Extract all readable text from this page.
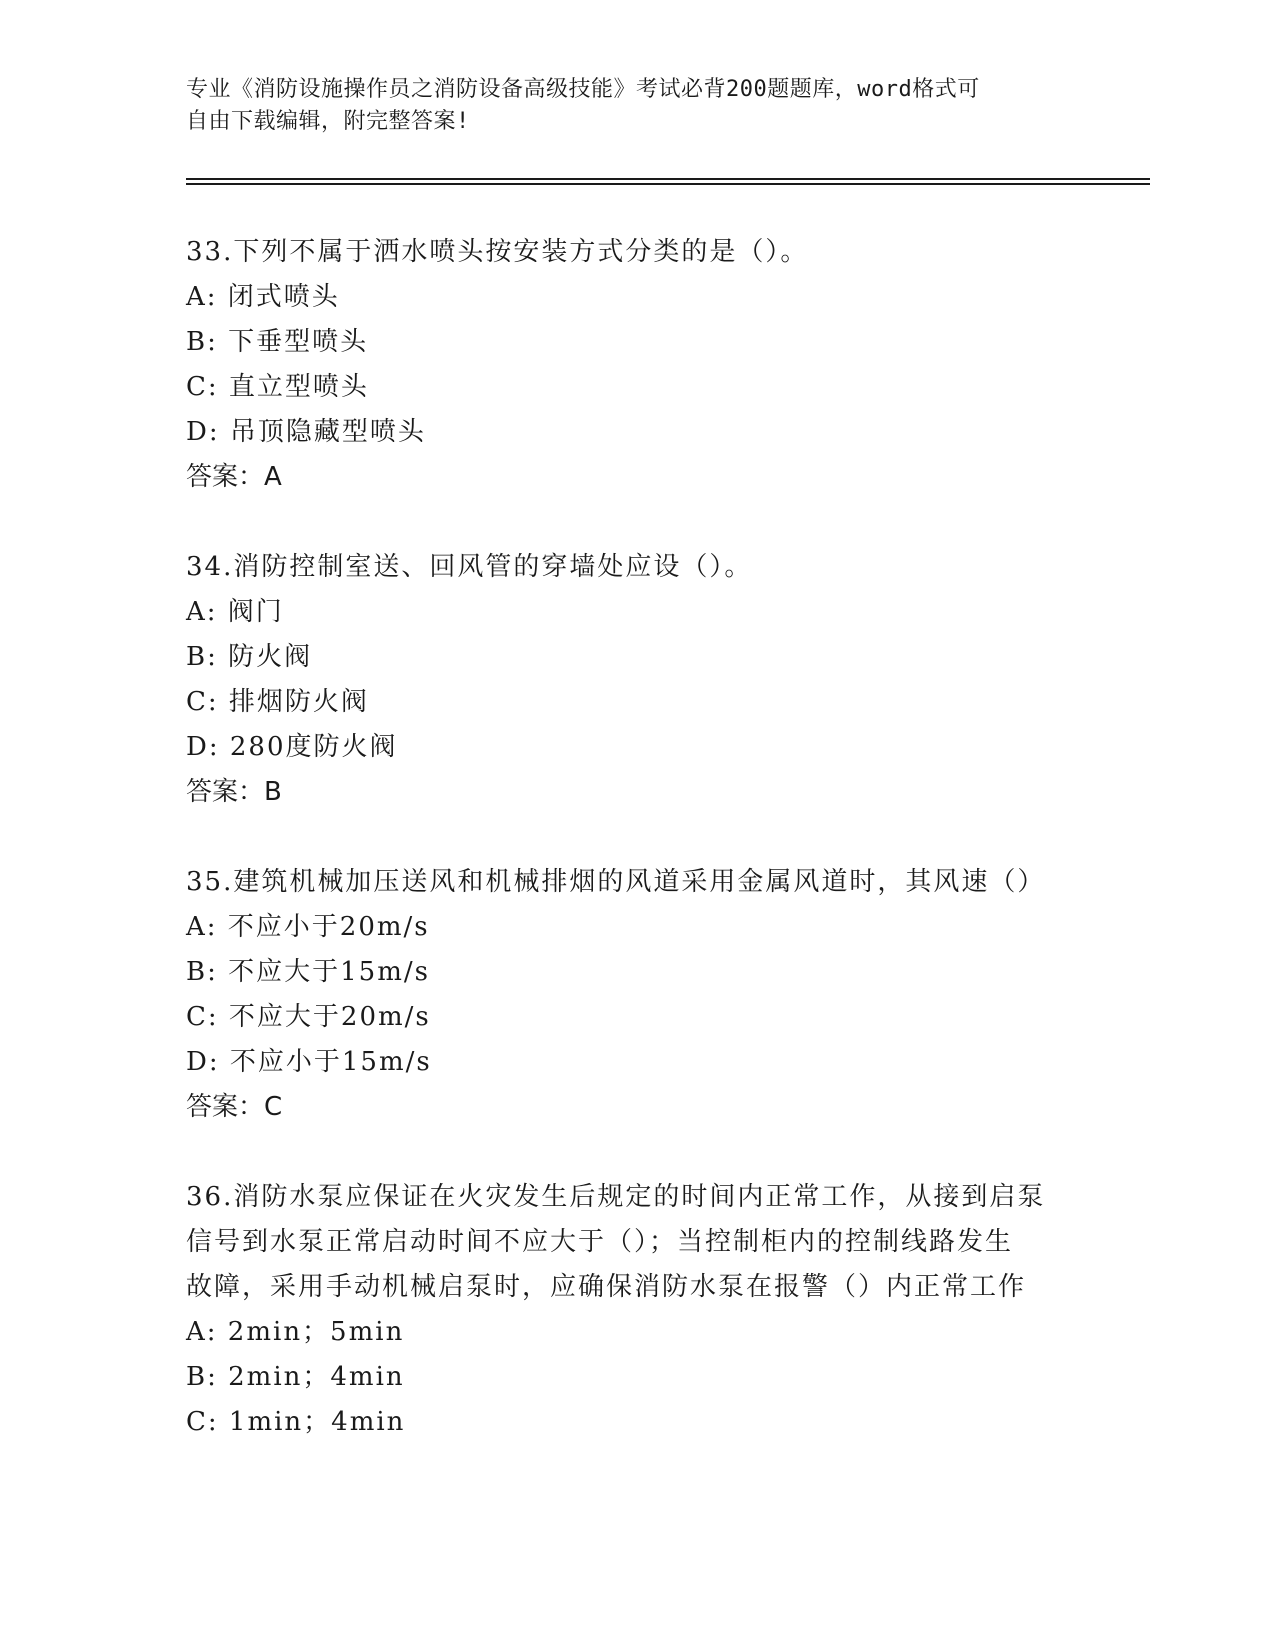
专业《消防设施操作员之消防设备高级技能》考试必背200题题库，word格式可
自由下载编辑，附完整答案!

33.下列不属于洒水喷头按安装方式分类的是（）。

A: 闭式喷头

B: 下垂型喷头

C: 直立型喷头

D: 吊顶隐藏型喷头

答案：A

34.消防控制室送、回风管的穿墙处应设（）。

A: 阀门

B: 防火阀

C: 排烟防火阀

D: 280度防火阀

答案：B

35.建筑机械加压送风和机械排烟的风道采用金属风道时，其风速（）

A: 不应小于20m/s

B: 不应大于15m/s

C: 不应大于20m/s

D: 不应小于15m/s

答案：C

36.消防水泵应保证在火灾发生后规定的时间内正常工作，从接到启泵

信号到水泵正常启动时间不应大于（）；当控制柜内的控制线路发生

故障，采用手动机械启泵时，应确保消防水泵在报警（）内正常工作

A: 2min；5min

B: 2min；4min

C: 1min；4min
